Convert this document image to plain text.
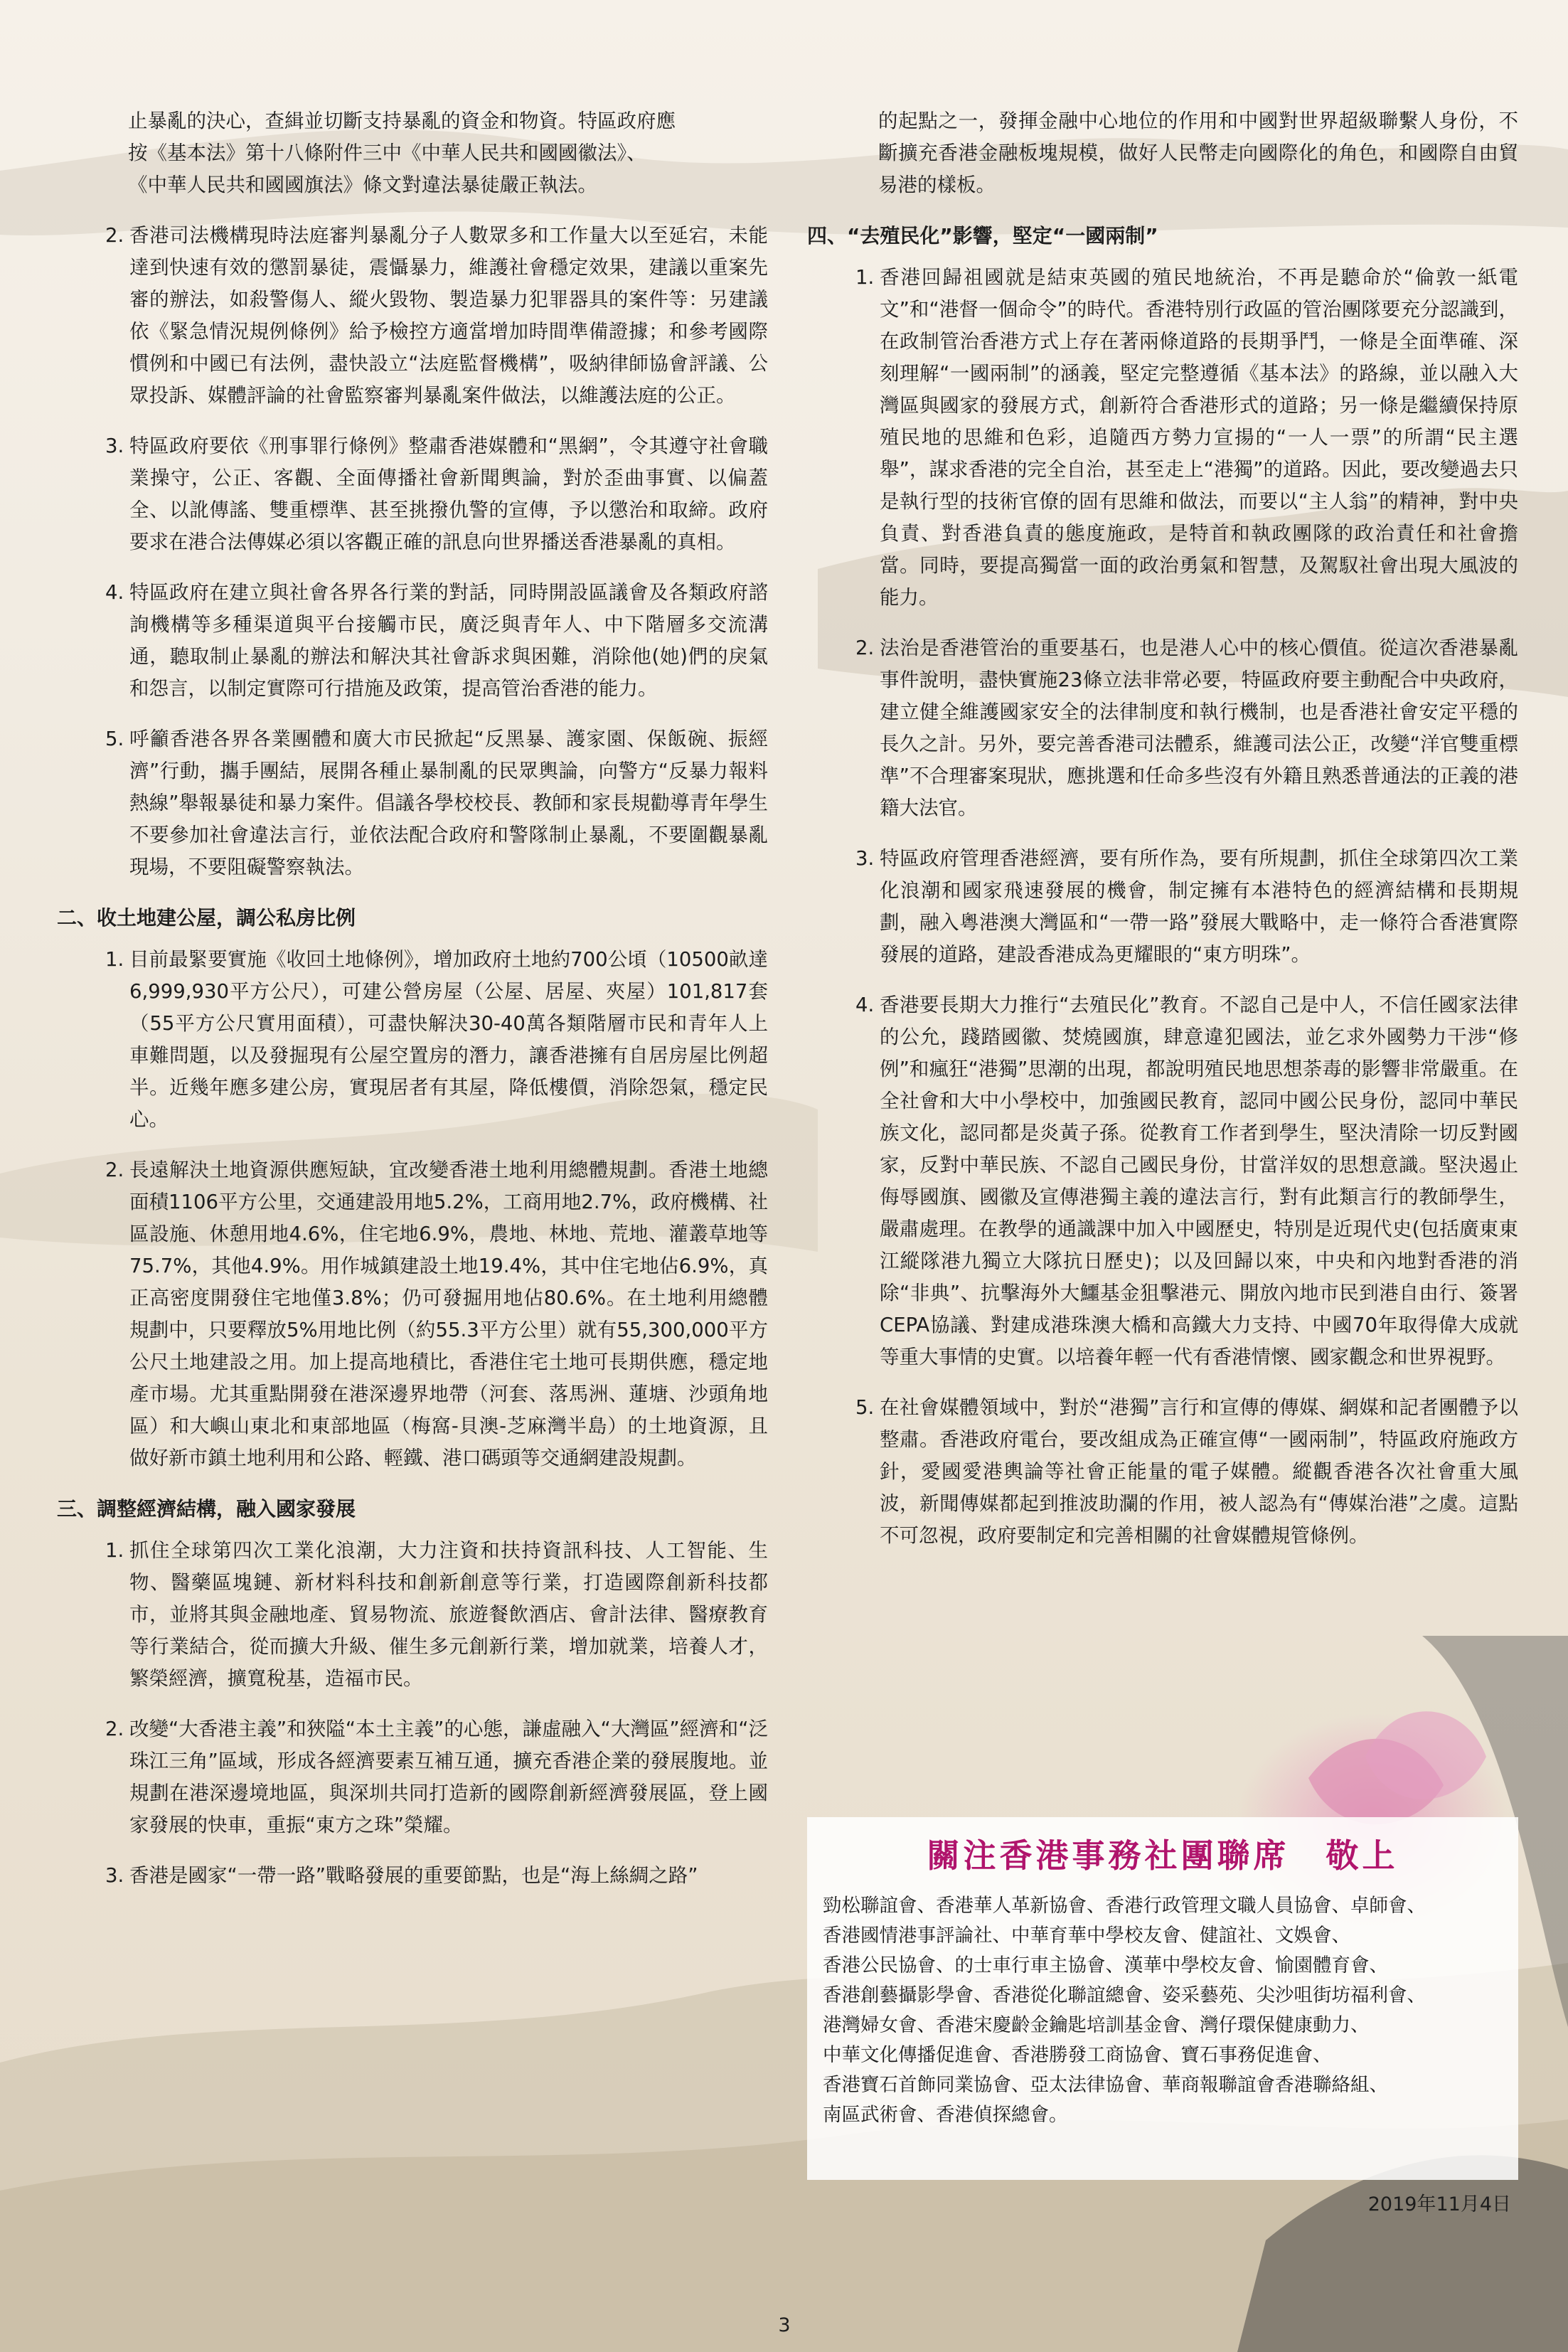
止暴亂的決心，查緝並切斷支持暴亂的資金和物資。特區政府應

按《基本法》第十八條附件三中《中華人民共和國國徽法》、

《中華人民共和國國旗法》條文對違法暴徒嚴正執法。

2. 香港司法機構現時法庭審判暴亂分子人數眾多和工作量大以至延宕，未能達到快速有效的懲罰暴徒，震懾暴力，維護社會穩定效果，建議以重案先審的辦法，如殺警傷人、縱火毀物、製造暴力犯罪器具的案件等：另建議依《緊急情況規例條例》給予檢控方適當增加時間準備證據；和參考國際慣例和中國已有法例，盡快設立“法庭監督機構”，吸納律師協會評議、公眾投訴、媒體評論的社會監察審判暴亂案件做法，以維護法庭的公正。
3. 特區政府要依《刑事罪行條例》整肅香港媒體和“黑網”，令其遵守社會職業操守，公正、客觀、全面傳播社會新聞輿論，對於歪曲事實、以偏蓋全、以訛傳謠、雙重標準、甚至挑撥仇警的宣傳，予以懲治和取締。政府要求在港合法傳媒必須以客觀正確的訊息向世界播送香港暴亂的真相。
4. 特區政府在建立與社會各界各行業的對話，同時開設區議會及各類政府諮詢機構等多種渠道與平台接觸市民，廣泛與青年人、中下階層多交流溝通，聽取制止暴亂的辦法和解決其社會訴求與困難，消除他(她)們的戾氣和怨言，以制定實際可行措施及政策，提高管治香港的能力。
5. 呼籲香港各界各業團體和廣大市民掀起“反黑暴、護家園、保飯碗、振經濟”行動，攜手團結，展開各種止暴制亂的民眾輿論，向警方“反暴力報料熱線”舉報暴徒和暴力案件。倡議各學校校長、教師和家長規勸導青年學生不要參加社會違法言行，並依法配合政府和警隊制止暴亂，不要圍觀暴亂現場，不要阻礙警察執法。
二、收土地建公屋，調公私房比例
1. 目前最緊要實施《收回土地條例》，增加政府土地約700公頃（10500畝達6,999,930平方公尺），可建公營房屋（公屋、居屋、夾屋）101,817套（55平方公尺實用面積），可盡快解決30-40萬各類階層市民和青年人上車難問題，以及發掘現有公屋空置房的潛力，讓香港擁有自居房屋比例超半。近幾年應多建公房，實現居者有其屋，降低樓價，消除怨氣，穩定民心。
2. 長遠解決土地資源供應短缺，宜改變香港土地利用總體規劃。香港土地總面積1106平方公里，交通建設用地5.2%，工商用地2.7%，政府機構、社區設施、休憩用地4.6%，住宅地6.9%，農地、林地、荒地、灌叢草地等75.7%，其他4.9%。用作城鎮建設土地19.4%，其中住宅地佔6.9%，真正高密度開發住宅地僅3.8%；仍可發掘用地佔80.6%。在土地利用總體規劃中，只要釋放5%用地比例（約55.3平方公里）就有55,300,000平方公尺土地建設之用。加上提高地積比，香港住宅土地可長期供應，穩定地產市場。尤其重點開發在港深邊界地帶（河套、落馬洲、蓮塘、沙頭角地區）和大嶼山東北和東部地區（梅窩-貝澳-芝麻灣半島）的土地資源，且做好新市鎮土地利用和公路、輕鐵、港口碼頭等交通網建設規劃。
三、調整經濟結構，融入國家發展
1. 抓住全球第四次工業化浪潮，大力注資和扶持資訊科技、人工智能、生物、醫藥區塊鏈、新材料科技和創新創意等行業，打造國際創新科技都市，並將其與金融地產、貿易物流、旅遊餐飲酒店、會計法律、醫療教育等行業結合，從而擴大升級、催生多元創新行業，增加就業，培養人才，繁榮經濟，擴寬稅基，造福市民。
2. 改變“大香港主義”和狹隘“本土主義”的心態，謙虛融入“大灣區”經濟和“泛珠江三角”區域，形成各經濟要素互補互通，擴充香港企業的發展腹地。並規劃在港深邊境地區，與深圳共同打造新的國際創新經濟發展區，登上國家發展的快車，重振“東方之珠”榮耀。
3. 香港是國家“一帶一路”戰略發展的重要節點，也是“海上絲綢之路”
的起點之一，發揮金融中心地位的作用和中國對世界超級聯繫人身份，不斷擴充香港金融板塊規模，做好人民幣走向國際化的角色，和國際自由貿易港的樣板。
四、“去殖民化”影響，堅定“一國兩制”
1. 香港回歸祖國就是結束英國的殖民地統治，不再是聽命於“倫敦一紙電文”和“港督一個命令”的時代。香港特別行政區的管治團隊要充分認識到，在政制管治香港方式上存在著兩條道路的長期爭鬥，一條是全面準確、深刻理解“一國兩制”的涵義，堅定完整遵循《基本法》的路線，並以融入大灣區與國家的發展方式，創新符合香港形式的道路；另一條是繼續保持原殖民地的思維和色彩，追隨西方勢力宣揚的“一人一票”的所謂“民主選舉”，謀求香港的完全自治，甚至走上“港獨”的道路。因此，要改變過去只是執行型的技術官僚的固有思維和做法，而要以“主人翁”的精神，對中央負責、對香港負責的態度施政，是特首和執政團隊的政治責任和社會擔當。同時，要提高獨當一面的政治勇氣和智慧，及駕馭社會出現大風波的能力。
2. 法治是香港管治的重要基石，也是港人心中的核心價值。從這次香港暴亂事件說明，盡快實施23條立法非常必要，特區政府要主動配合中央政府，建立健全維護國家安全的法律制度和執行機制，也是香港社會安定平穩的長久之計。另外，要完善香港司法體系，維護司法公正，改變“洋官雙重標準”不合理審案現狀，應挑選和任命多些沒有外籍且熟悉普通法的正義的港籍大法官。
3. 特區政府管理香港經濟，要有所作為，要有所規劃，抓住全球第四次工業化浪潮和國家飛速發展的機會，制定擁有本港特色的經濟結構和長期規劃，融入粵港澳大灣區和“一帶一路”發展大戰略中，走一條符合香港實際發展的道路，建設香港成為更耀眼的“東方明珠”。
4. 香港要長期大力推行“去殖民化”教育。不認自己是中人，不信任國家法律的公允，踐踏國徽、焚燒國旗，肆意違犯國法，並乞求外國勢力干涉“修例”和瘋狂“港獨”思潮的出現，都說明殖民地思想荼毒的影響非常嚴重。在全社會和大中小學校中，加強國民教育，認同中國公民身份，認同中華民族文化，認同都是炎黃子孫。從教育工作者到學生，堅決清除一切反對國家，反對中華民族、不認自己國民身份，甘當洋奴的思想意識。堅決遏止侮辱國旗、國徽及宣傳港獨主義的違法言行，對有此類言行的教師學生，嚴肅處理。在教學的通識課中加入中國歷史，特別是近現代史(包括廣東東江縱隊港九獨立大隊抗日歷史)；以及回歸以來，中央和內地對香港的消除“非典”、抗擊海外大鱷基金狙擊港元、開放內地市民到港自由行、簽署CEPA協議、對建成港珠澳大橋和高鐵大力支持、中國70年取得偉大成就等重大事情的史實。以培養年輕一代有香港情懷、國家觀念和世界視野。
5. 在社會媒體領域中，對於“港獨”言行和宣傳的傳媒、網媒和記者團體予以整肅。香港政府電台，要改組成為正確宣傳“一國兩制”，特區政府施政方針，愛國愛港輿論等社會正能量的電子媒體。縱觀香港各次社會重大風波，新聞傳媒都起到推波助瀾的作用，被人認為有“傳媒治港”之虞。這點不可忽視，政府要制定和完善相關的社會媒體規管條例。
關注香港事務社團聯席　敬上
勁松聯誼會、香港華人革新協會、香港行政管理文職人員協會、卓師會、
香港國情港事評論社、中華育華中學校友會、健誼社、文娛會、
香港公民協會、的士車行車主協會、漢華中學校友會、愉園體育會、
香港創藝攝影學會、香港從化聯誼總會、姿采藝苑、尖沙咀街坊福利會、
港灣婦女會、香港宋慶齡金鑰匙培訓基金會、灣仔環保健康動力、
中華文化傳播促進會、香港勝發工商協會、寶石事務促進會、
香港寶石首飾同業協會、亞太法律協會、華商報聯誼會香港聯絡組、
南區武術會、香港偵探總會。
2019年11月4日
3
